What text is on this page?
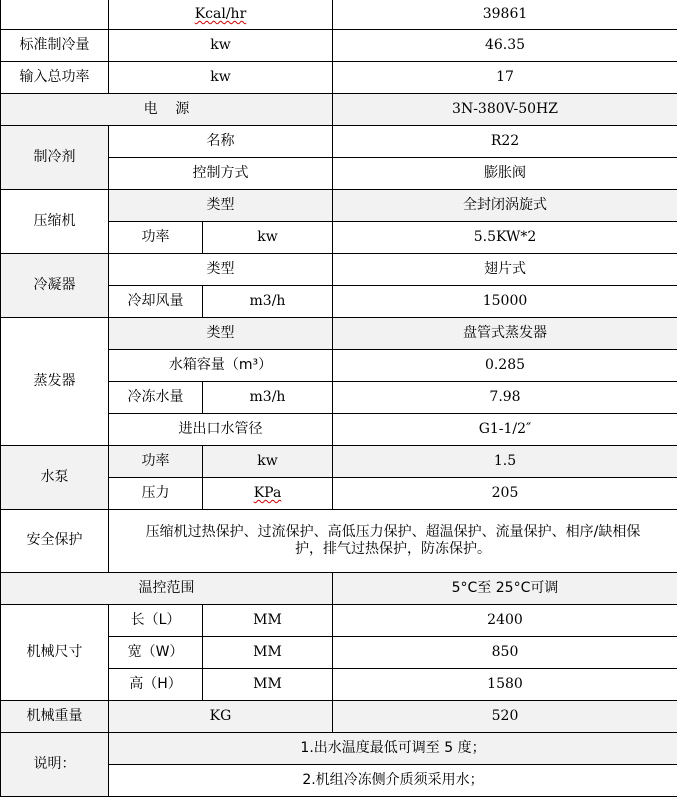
	Kcal/hr		39861
标准制冷量	kw		46.35
输入总功率	kw		17
电    源			3N-380V-50HZ
制冷剂	名称		R22
	控制方式		膨胀阀
压缩机	类型		全封闭涡旋式
	功率	kw	5.5KW*2
冷凝器	类型		翅片式
	冷却风量	m3/h	15000
蒸发器	类型		盘管式蒸发器
	水箱容量（m³）		0.285
	冷冻水量	m3/h	7.98
	进出口水管径		G1-1/2″
水泵	功率	kw	1.5
	压力	KPa	205
安全保护	压缩机过热保护、过流保护、高低压力保护、超温保护、流量保护、相序/缺相保
护，排气过热保护，防冻保护。		

温控范围			5°C至 25°C可调
机械尺寸	长（L）	MM	2400
	宽（W）	MM	850
	高（H）	MM	1580
机械重量	KG		520
说明：	1.出水温度最低可调至 5 度；		
	2.机组冷冻侧介质须采用水；		
